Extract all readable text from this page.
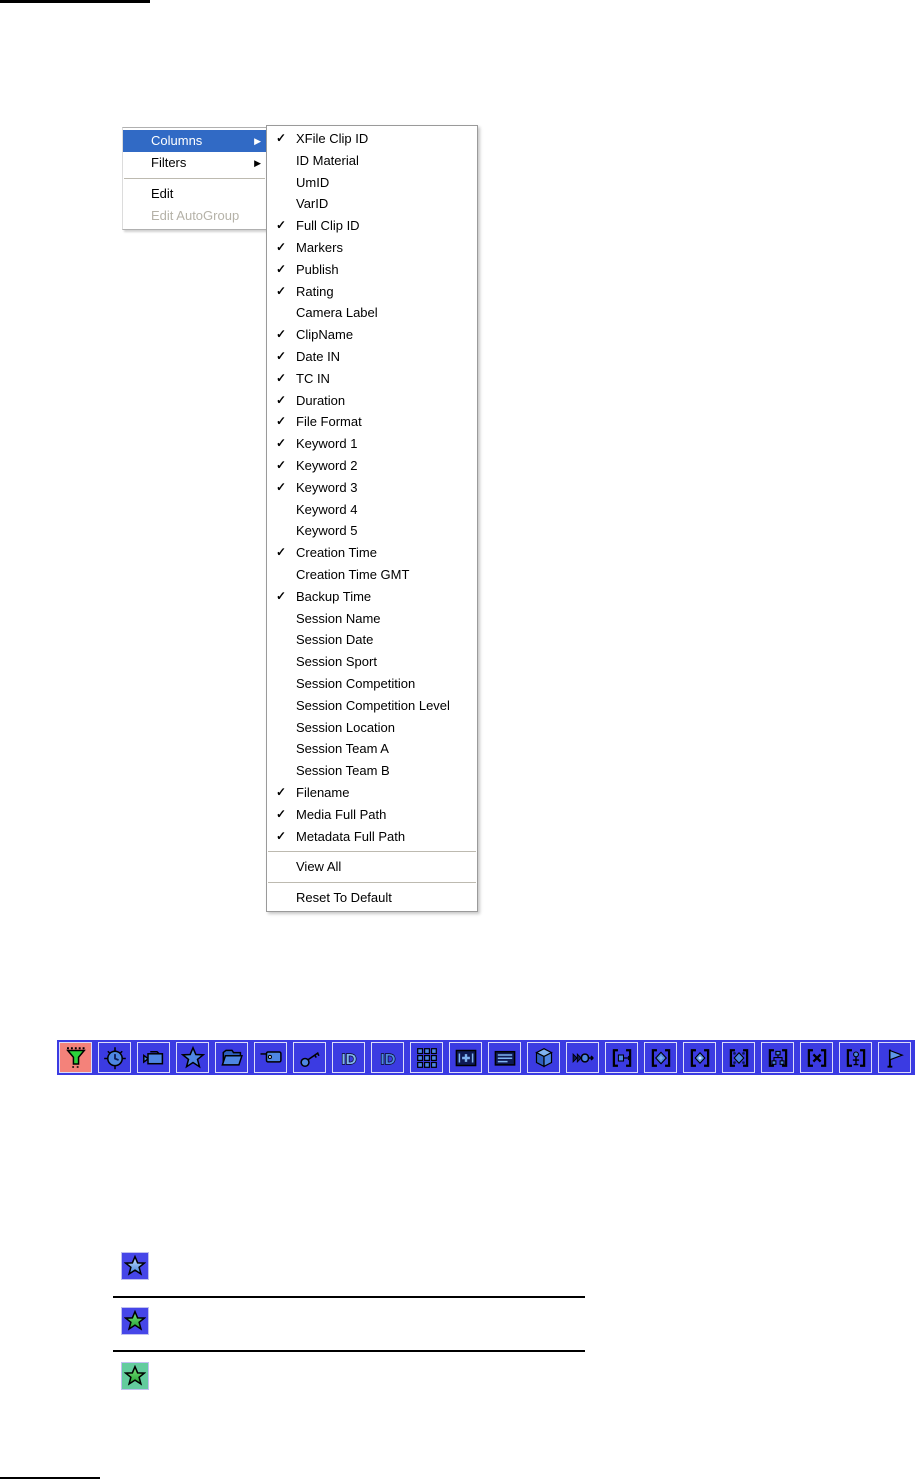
Columns	▶
Filters	▶
Edit
Edit AutoGroup
✓ XFile Clip ID
ID Material
UmID
VarID
✓ Full Clip ID
✓ Markers
✓ Publish
✓ Rating
Camera Label
✓ ClipName
✓ Date IN
✓ TC IN
✓ Duration
✓ File Format
✓ Keyword 1
✓ Keyword 2
✓ Keyword 3
Keyword 4
Keyword 5
✓ Creation Time
Creation Time GMT
✓ Backup Time
Session Name
Session Date
Session Sport
Session Competition
Session Competition Level
Session Location
Session Team A
Session Team B
✓ Filename
✓ Media Full Path
✓ Metadata Full Path
View All
Reset To Default
ID ID
